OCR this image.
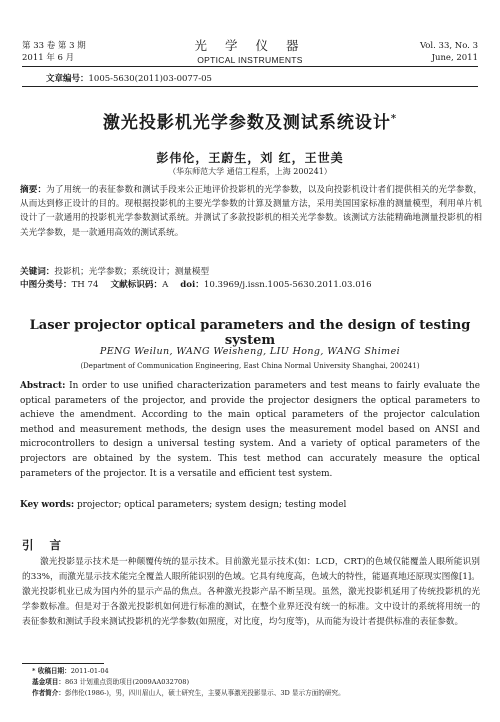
第 33 卷 第 3 期
2011 年 6 月
光 学 仪 器
OPTICAL INSTRUMENTS
Vol. 33, No. 3
June, 2011
文章编号：1005-5630(2011)03-0077-05
激光投影机光学参数及测试系统设计*
彭伟伦，王蔚生，刘 红，王世美
（华东师范大学 通信工程系，上海 200241）
摘要：为了用统一的表征参数和测试手段来公正地评价投影机的光学参数，以及向投影机设计者们提供相关的光学参数，从而达到修正设计的目的。现根据投影机的主要光学参数的计算及测量方法，采用美国国家标准的测量模型，利用单片机设计了一款通用的投影机光学参数测试系统。并测试了多款投影机的相关光学参数。该测试方法能精确地测量投影机的相关光学参数，是一款通用高效的测试系统。
关键词：投影机；光学参数；系统设计；测量模型
中图分类号：TH 74 文献标识码：A doi：10.3969/j.issn.1005-5630.2011.03.016
Laser projector optical parameters and the design of testing system
PENG Weilun, WANG Weisheng, LIU Hong, WANG Shimei
(Department of Communication Engineering, East China Normal University Shanghai, 200241)
Abstract: In order to use unified characterization parameters and test means to fairly evaluate the optical parameters of the projector, and provide the projector designers the optical parameters to achieve the amendment. According to the main optical parameters of the projector calculation method and measurement methods, the design uses the measurement model based on ANSI and microcontrollers to design a universal testing system. And a variety of optical parameters of the projectors are obtained by the system. This test method can accurately measure the optical parameters of the projector. It is a versatile and efficient test system.
Key words: projector; optical parameters; system design; testing model
引 言
激光投影显示技术是一种颠覆传统的显示技术。目前激光显示技术(如：LCD，CRT)的色域仅能覆盖人眼所能识别的33%，而激光显示技术能完全覆盖人眼所能识别的色域。它具有纯度高，色域大的特性，能逼真地还原现实图像[1]。激光投影机业已成为国内外的显示产品的焦点。各种激光投影产品不断呈现。虽然，激光投影机延用了传统投影机的光学参数标准。但是对于各激光投影机如何进行标准的测试，在整个业界还没有统一的标准。文中设计的系统将用统一的表征参数和测试手段来测试投影机的光学参数(如照度，对比度，均匀度等)，从而能为设计者提供标准的表征参数。
* 收稿日期：2011-01-04
基金项目：863 计划重点资助项目(2009AA032708)
作者简介：彭伟伦(1986-)，男，四川眉山人，硕士研究生，主要从事激光投影显示、3D 显示方面的研究。
